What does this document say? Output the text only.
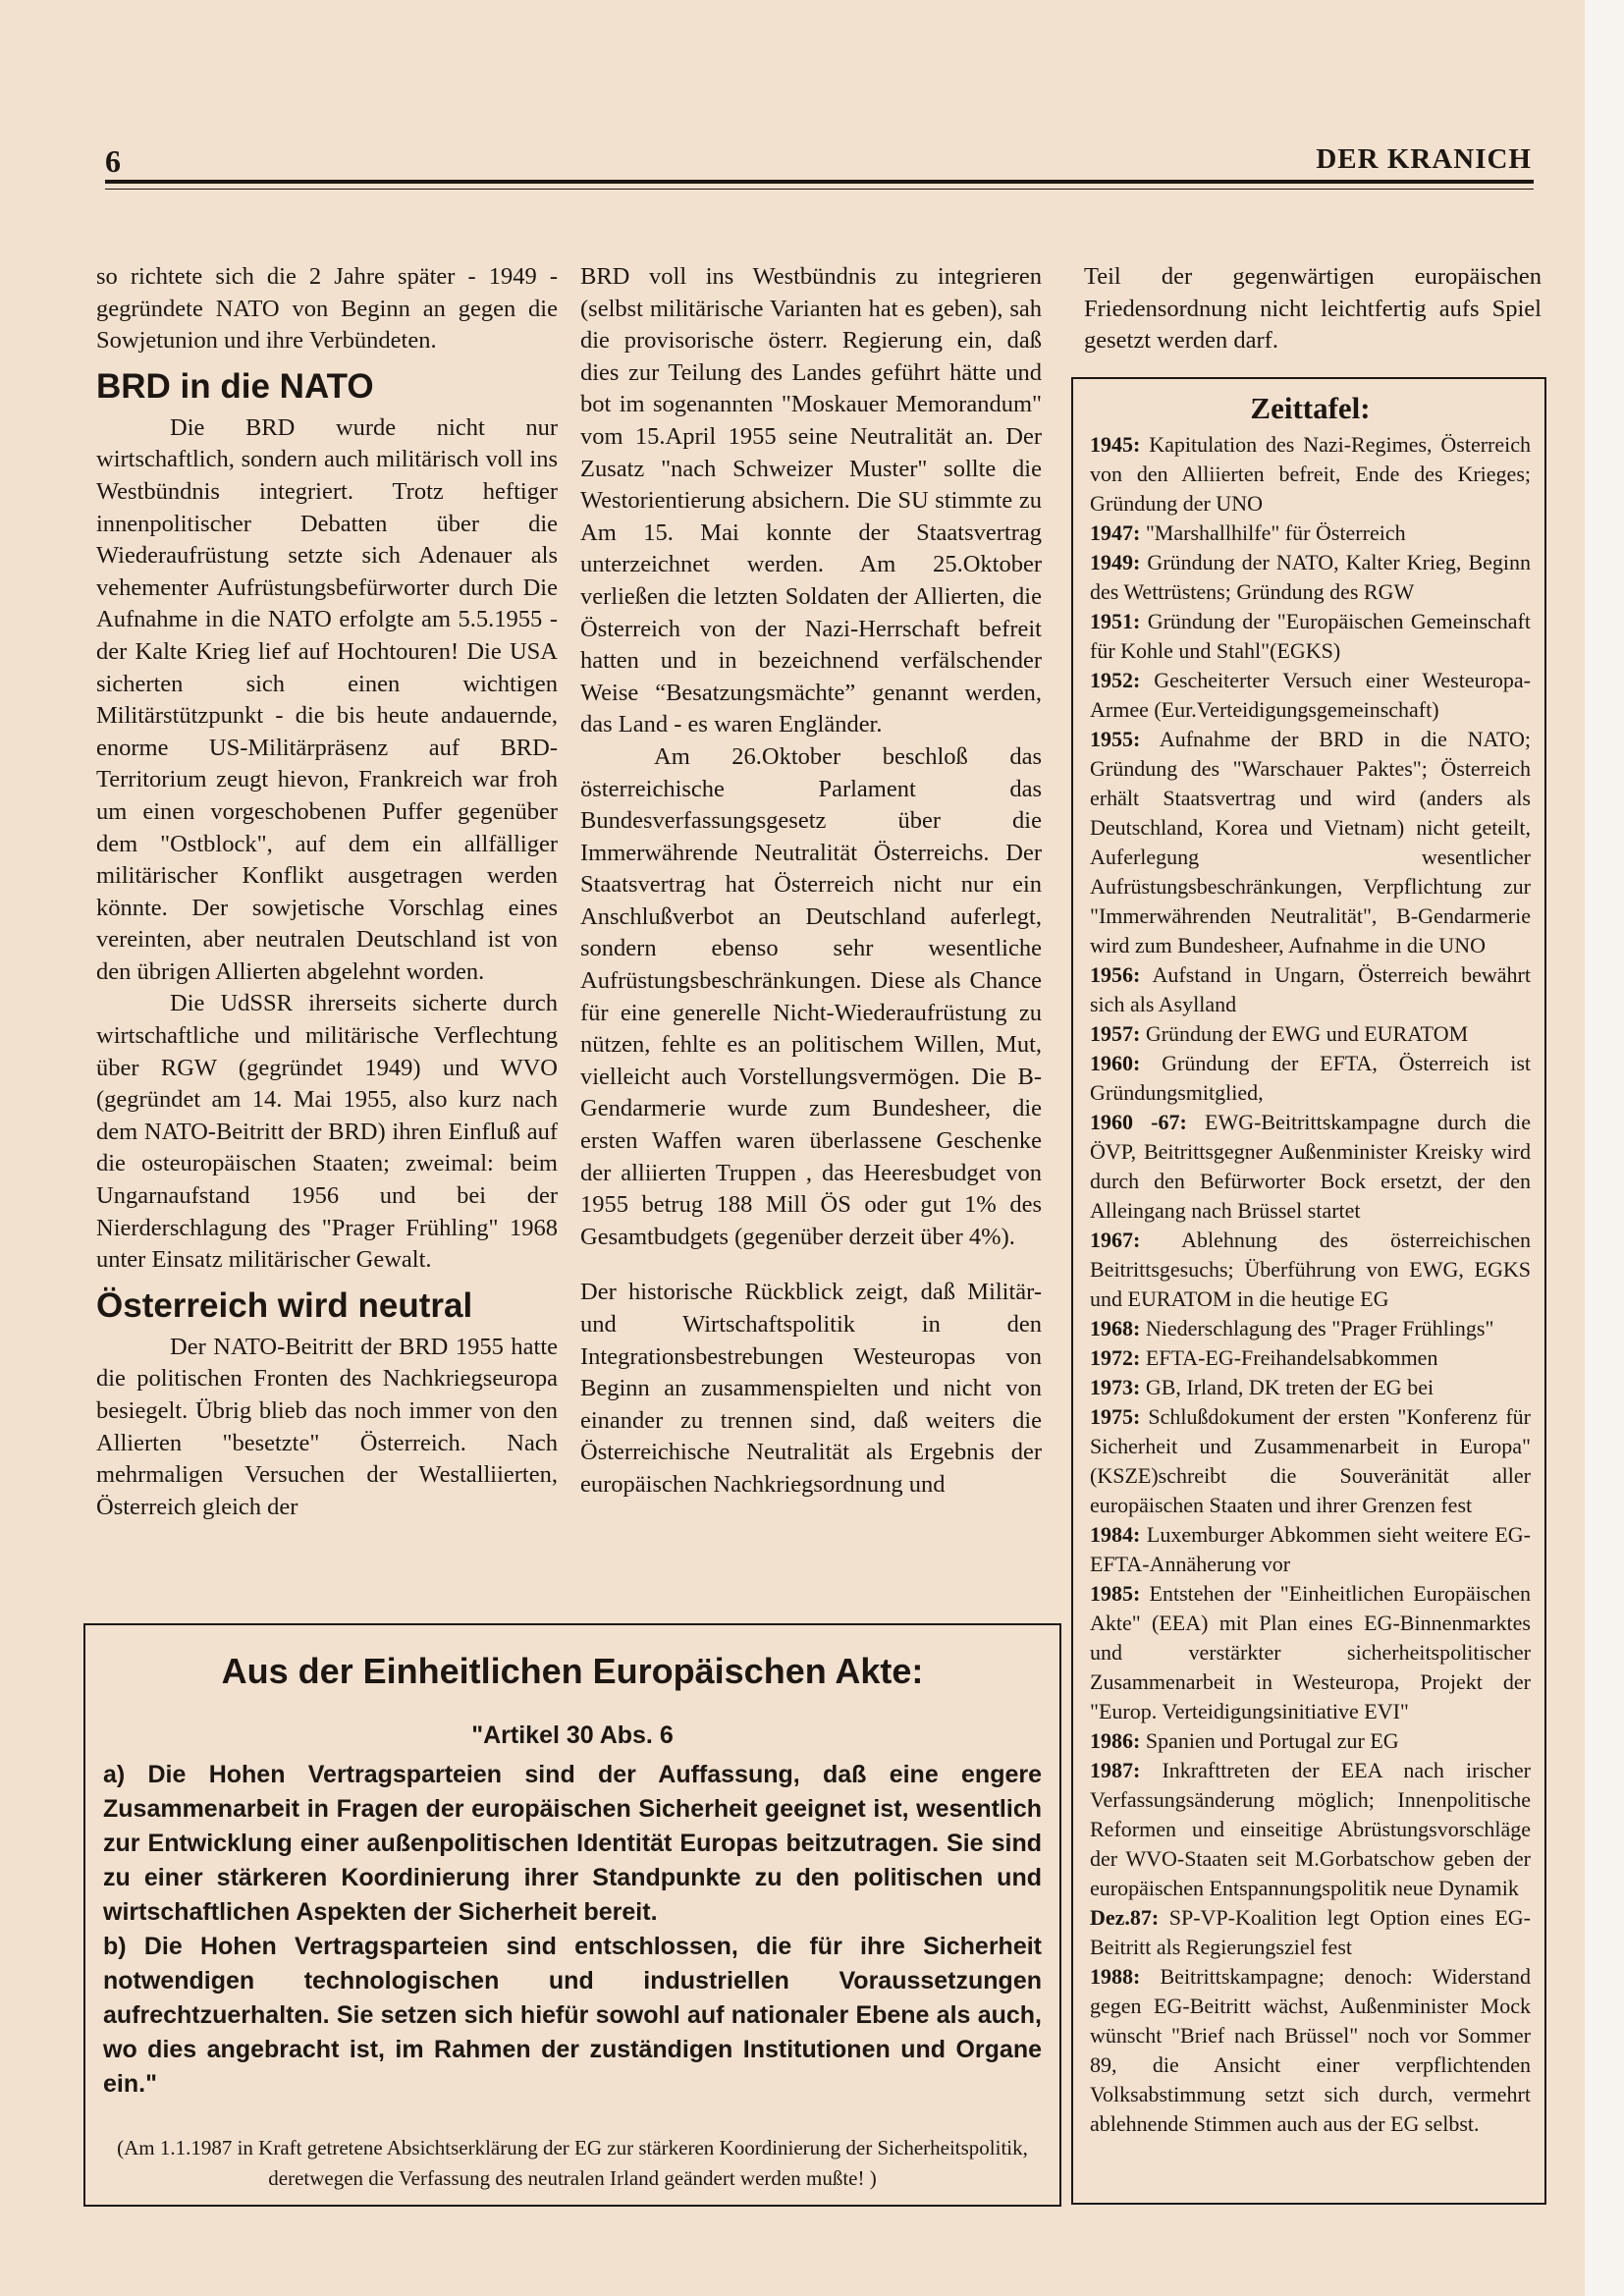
6	DER KRANICH

so richtete sich die 2 Jahre später - 1949 - gegründete NATO von Beginn an gegen die Sowjetunion und ihre Verbündeten.

BRD in die NATO

Die BRD wurde nicht nur wirtschaftlich, sondern auch militärisch voll ins Westbündnis integriert. Trotz heftiger innenpolitischer Debatten über die Wiederaufrüstung setzte sich Adenauer als vehementer Aufrüstungsbefürworter durch Die Aufnahme in die NATO erfolgte am 5.5.1955 - der Kalte Krieg lief auf Hochtouren! Die USA sicherten sich einen wichtigen Militärstützpunkt - die bis heute andauernde, enorme US-Militärpräsenz auf BRD-Territorium zeugt hievon, Frankreich war froh um einen vorgeschobenen Puffer gegenüber dem "Ostblock", auf dem ein allfälliger militärischer Konflikt ausgetragen werden könnte. Der sowjetische Vorschlag eines vereinten, aber neutralen Deutschland ist von den übrigen Allierten abgelehnt worden.

Die UdSSR ihrerseits sicherte durch wirtschaftliche und militärische Verflechtung über RGW (gegründet 1949) und WVO (gegründet am 14. Mai 1955, also kurz nach dem NATO-Beitritt der BRD) ihren Einfluß auf die osteuropäischen Staaten; zweimal: beim Ungarnaufstand 1956 und bei der Nierderschlagung des "Prager Frühling" 1968 unter Einsatz militärischer Gewalt.

Österreich wird neutral

Der NATO-Beitritt der BRD 1955 hatte die politischen Fronten des Nachkriegseuropa besiegelt. Übrig blieb das noch immer von den Allierten "besetzte" Österreich. Nach mehrmaligen Versuchen der Westalliierten, Österreich gleich der

BRD voll ins Westbündnis zu integrieren (selbst militärische Varianten hat es geben), sah die provisorische österr. Regierung ein, daß dies zur Teilung des Landes geführt hätte und bot im sogenannten "Moskauer Memorandum" vom 15.April 1955 seine Neutralität an. Der Zusatz "nach Schweizer Muster" sollte die Westorientierung absichern. Die SU stimmte zu Am 15. Mai konnte der Staatsvertrag unterzeichnet werden. Am 25.Oktober verließen die letzten Soldaten der Allierten, die Österreich von der Nazi-Herrschaft befreit hatten und in bezeichnend verfälschender Weise “Besatzungsmächte” genannt werden, das Land - es waren Engländer.

Am 26.Oktober beschloß das österreichische Parlament das Bundesverfassungsgesetz über die Immerwährende Neutralität Österreichs. Der Staatsvertrag hat Österreich nicht nur ein Anschlußverbot an Deutschland auferlegt, sondern ebenso sehr wesentliche Aufrüstungsbeschränkungen. Diese als Chance für eine generelle Nicht-Wiederaufrüstung zu nützen, fehlte es an politischem Willen, Mut, vielleicht auch Vorstellungsvermögen. Die B-Gendarmerie wurde zum Bundesheer, die ersten Waffen waren überlassene Geschenke der alliierten Truppen , das Heeresbudget von 1955 betrug 188 Mill ÖS oder gut 1% des Gesamtbudgets (gegenüber derzeit über 4%).

Der historische Rückblick zeigt, daß Militär- und Wirtschaftspolitik in den Integrationsbestrebungen Westeuropas von Beginn an zusammenspielten und nicht von einander zu trennen sind, daß weiters die Österreichische Neutralität als Ergebnis der europäischen Nachkriegsordnung und

Teil der gegenwärtigen europäischen Friedensordnung nicht leichtfertig aufs Spiel gesetzt werden darf.

Zeittafel:
1945: Kapitulation des Nazi-Regimes, Österreich von den Alliierten befreit, Ende des Krieges; Gründung der UNO
1947: "Marshallhilfe" für Österreich
1949: Gründung der NATO, Kalter Krieg, Beginn des Wettrüstens; Gründung des RGW
1951: Gründung der "Europäischen Gemeinschaft für Kohle und Stahl"(EGKS)
1952: Gescheiterter Versuch einer Westeuropa-Armee (Eur.Verteidigungsgemeinschaft)
1955: Aufnahme der BRD in die NATO; Gründung des "Warschauer Paktes"; Österreich erhält Staatsvertrag und wird (anders als Deutschland, Korea und Vietnam) nicht geteilt, Auferlegung wesentlicher Aufrüstungsbeschränkungen, Verpflichtung zur "Immerwährenden Neutralität", B-Gendarmerie wird zum Bundesheer, Aufnahme in die UNO
1956: Aufstand in Ungarn, Österreich bewährt sich als Asylland
1957: Gründung der EWG und EURATOM
1960: Gründung der EFTA, Österreich ist Gründungsmitglied,
1960 -67: EWG-Beitrittskampagne durch die ÖVP, Beitrittsgegner Außenminister Kreisky wird durch den Befürworter Bock ersetzt, der den Alleingang nach Brüssel startet
1967: Ablehnung des österreichischen Beitrittsgesuchs; Überführung von EWG, EGKS und EURATOM in die heutige EG
1968: Niederschlagung des "Prager Frühlings"
1972: EFTA-EG-Freihandelsabkommen
1973: GB, Irland, DK treten der EG bei
1975: Schlußdokument der ersten "Konferenz für Sicherheit und Zusammenarbeit in Europa" (KSZE)schreibt die Souveränität aller europäischen Staaten und ihrer Grenzen fest
1984: Luxemburger Abkommen sieht weitere EG-EFTA-Annäherung vor
1985: Entstehen der "Einheitlichen Europäischen Akte" (EEA) mit Plan eines EG-Binnenmarktes und verstärkter sicherheitspolitischer Zusammenarbeit in Westeuropa, Projekt der "Europ. Verteidigungsinitiative EVI"
1986: Spanien und Portugal zur EG
1987: Inkrafttreten der EEA nach irischer Verfassungsänderung möglich; Innenpolitische Reformen und einseitige Abrüstungsvorschläge der WVO-Staaten seit M.Gorbatschow geben der europäischen Entspannungspolitik neue Dynamik
Dez.87: SP-VP-Koalition legt Option eines EG-Beitritt als Regierungsziel fest
1988: Beitrittskampagne; denoch: Widerstand gegen EG-Beitritt wächst, Außenminister Mock wünscht "Brief nach Brüssel" noch vor Sommer 89, die Ansicht einer verpflichtenden Volksabstimmung setzt sich durch, vermehrt ablehnende Stimmen auch aus der EG selbst.
Aus der Einheitlichen Europäischen Akte:

"Artikel 30 Abs. 6

a) Die Hohen Vertragsparteien sind der Auffassung, daß eine engere Zusammenarbeit in Fragen der europäischen Sicherheit geeignet ist, wesentlich zur Entwicklung einer außenpolitischen Identität Europas beitzutragen. Sie sind zu einer stärkeren Koordinierung ihrer Standpunkte zu den politischen und wirtschaftlichen Aspekten der Sicherheit bereit.

b) Die Hohen Vertragsparteien sind entschlossen, die für ihre Sicherheit notwendigen technologischen und industriellen Voraussetzungen aufrechtzuerhalten. Sie setzen sich hiefür sowohl auf nationaler Ebene als auch, wo dies angebracht ist, im Rahmen der zuständigen Institutionen und Organe ein."

(Am 1.1.1987 in Kraft getretene Absichtserklärung der EG zur stärkeren Koordinierung der Sicherheitspolitik, deretwegen die Verfassung des neutralen Irland geändert werden mußte! )
